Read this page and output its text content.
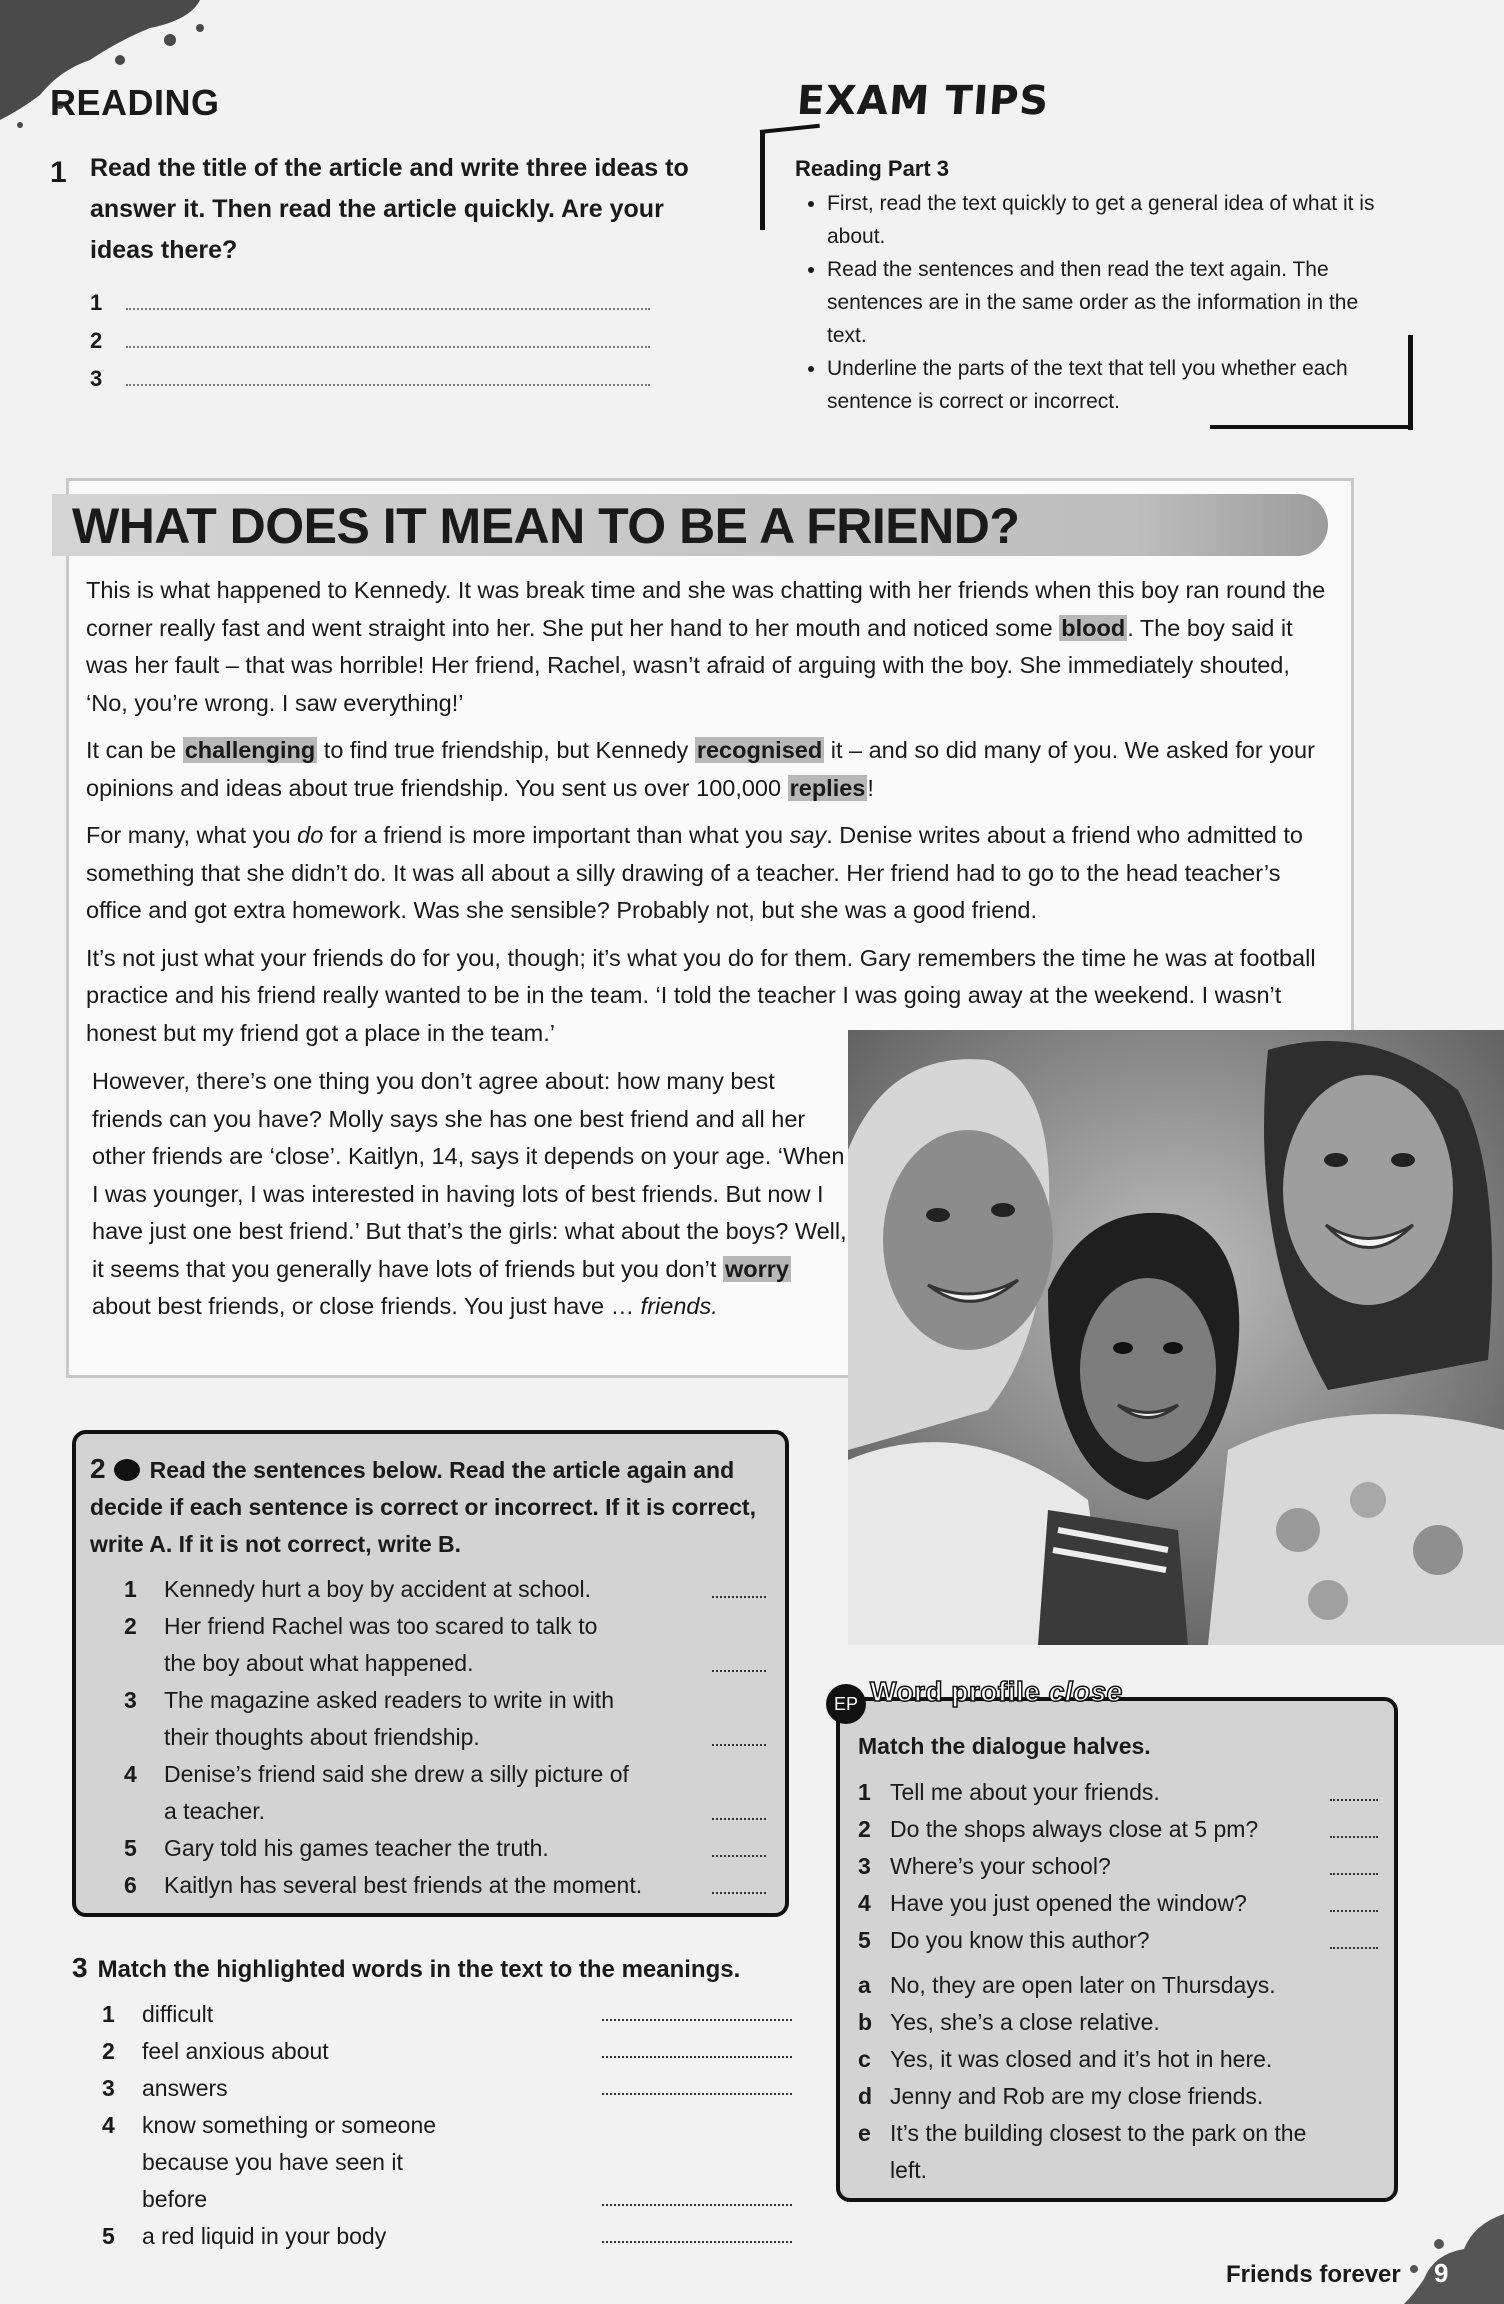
READING
1 Read the title of the article and write three ideas to answer it. Then read the article quickly. Are your ideas there?
1
2
3
EXAM TIPS
Reading Part 3
• First, read the text quickly to get a general idea of what it is about.
• Read the sentences and then read the text again. The sentences are in the same order as the information in the text.
• Underline the parts of the text that tell you whether each sentence is correct or incorrect.
WHAT DOES IT MEAN TO BE A FRIEND?

This is what happened to Kennedy. It was break time and she was chatting with her friends when this boy ran round the corner really fast and went straight into her. She put her hand to her mouth and noticed some blood. The boy said it was her fault – that was horrible! Her friend, Rachel, wasn’t afraid of arguing with the boy. She immediately shouted, ‘No, you’re wrong. I saw everything!’

It can be challenging to find true friendship, but Kennedy recognised it – and so did many of you. We asked for your opinions and ideas about true friendship. You sent us over 100,000 replies!

For many, what you do for a friend is more important than what you say. Denise writes about a friend who admitted to something that she didn’t do. It was all about a silly drawing of a teacher. Her friend had to go to the head teacher’s office and got extra homework. Was she sensible? Probably not, but she was a good friend.

It’s not just what your friends do for you, though; it’s what you do for them. Gary remembers the time he was at football practice and his friend really wanted to be in the team. ‘I told the teacher I was going away at the weekend. I wasn’t honest but my friend got a place in the team.’

However, there’s one thing you don’t agree about: how many best friends can you have? Molly says she has one best friend and all her other friends are ‘close’. Kaitlyn, 14, says it depends on your age. ‘When I was younger, I was interested in having lots of best friends. But now I have just one best friend.’ But that’s the girls: what about the boys? Well, it seems that you generally have lots of friends but you don’t worry about best friends, or close friends. You just have … friends.

2 Read the sentences below. Read the article again and decide if each sentence is correct or incorrect. If it is correct, write A. If it is not correct, write B.
1	Kennedy hurt a boy by accident at school.
2	Her friend Rachel was too scared to talk to the boy about what happened.
3	The magazine asked readers to write in with their thoughts about friendship.
4	Denise’s friend said she drew a silly picture of a teacher.
5	Gary told his games teacher the truth.
6	Kaitlyn has several best friends at the moment.
3 Match the highlighted words in the text to the meanings.
1	difficult
2	feel anxious about
3	answers
4	know something or someone because you have seen it before
5	a red liquid in your body
EP Word profile close
Match the dialogue halves.
1 Tell me about your friends.
2 Do the shops always close at 5 pm?
3 Where’s your school?
4 Have you just opened the window?
5 Do you know this author?
a No, they are open later on Thursdays.
b Yes, she’s a close relative.
c Yes, it was closed and it’s hot in here.
d Jenny and Rob are my close friends.
e It’s the building closest to the park on the left.
Friends forever 9
